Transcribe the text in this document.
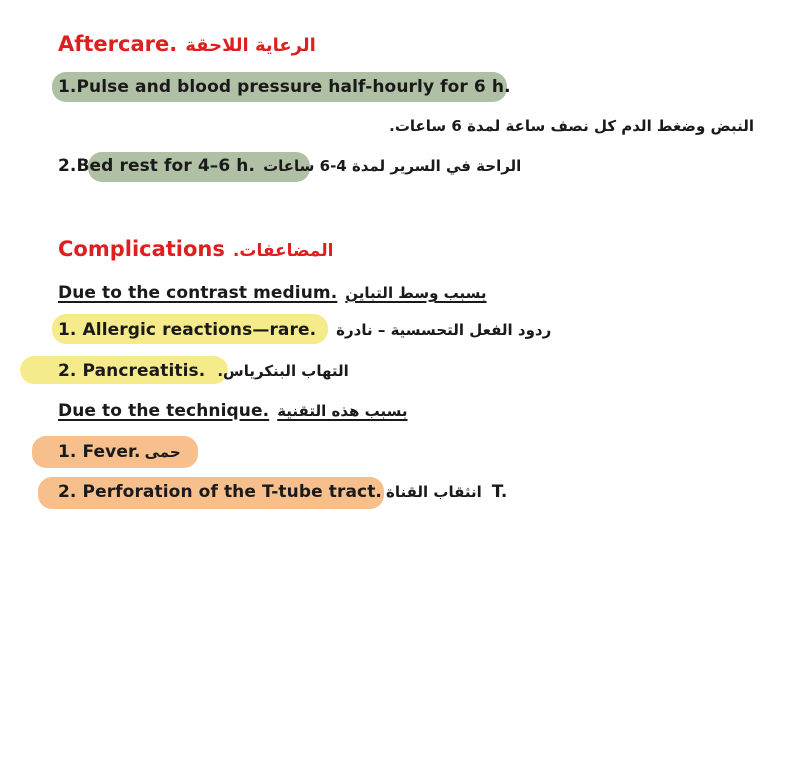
Aftercare. الرعاية اللاحقة
1.Pulse and blood pressure half-hourly for 6 h.
النبض وضغط الدم كل نصف ساعة لمدة 6 ساعات.
2.Bed rest for 4–6 h. الراحة في السرير لمدة 4-6 ساعات
Complications .المضاعفات
Due to the contrast medium. بسبب وسط التباين
1. Allergic reactions—rare. ردود الفعل التحسسية – نادرة
2. Pancreatitis. التهاب البنكرياس.
Due to the technique. بسبب هذه التقنية
1. Fever. حمى
2. Perforation of the T-tube tract. انثقاب القناة T.
